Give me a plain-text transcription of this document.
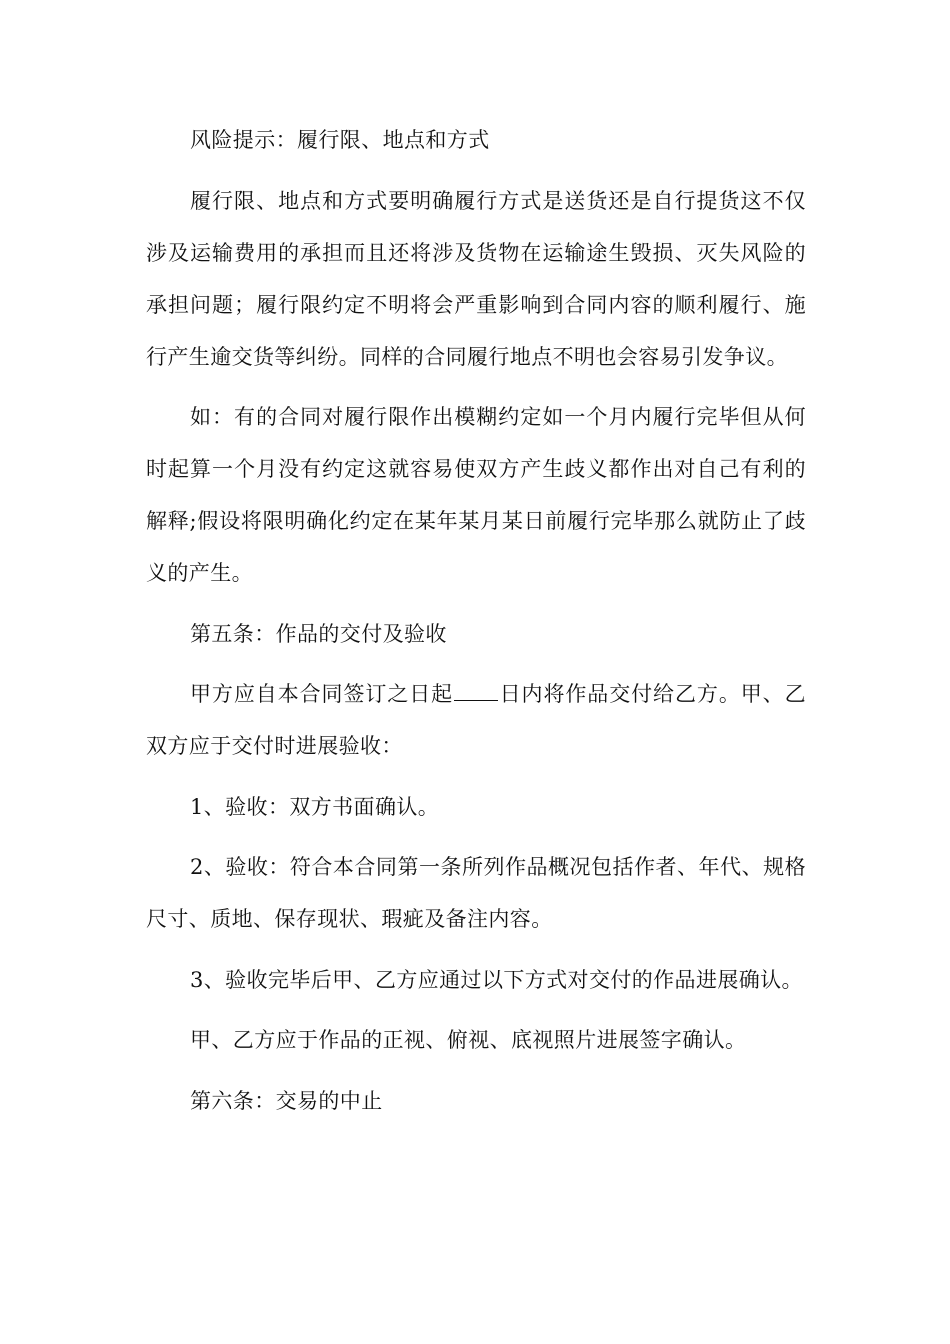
风险提示：履行限、地点和方式

履行限、地点和方式要明确履行方式是送货还是自行提货这不仅涉及运输费用的承担而且还将涉及货物在运输途生毁损、灭失风险的承担问题；履行限约定不明将会严重影响到合同内容的顺利履行、施行产生逾交货等纠纷。同样的合同履行地点不明也会容易引发争议。

如：有的合同对履行限作出模糊约定如一个月内履行完毕但从何时起算一个月没有约定这就容易使双方产生歧义都作出对自己有利的解释;假设将限明确化约定在某年某月某日前履行完毕那么就防止了歧义的产生。

第五条：作品的交付及验收

甲方应自本合同签订之日起 日内将作品交付给乙方。甲、乙双方应于交付时进展验收：

1、验收：双方书面确认。

2、验收：符合本合同第一条所列作品概况包括作者、年代、规格尺寸、质地、保存现状、瑕疵及备注内容。

3、验收完毕后甲、乙方应通过以下方式对交付的作品进展确认。

甲、乙方应于作品的正视、俯视、底视照片进展签字确认。

第六条：交易的中止
